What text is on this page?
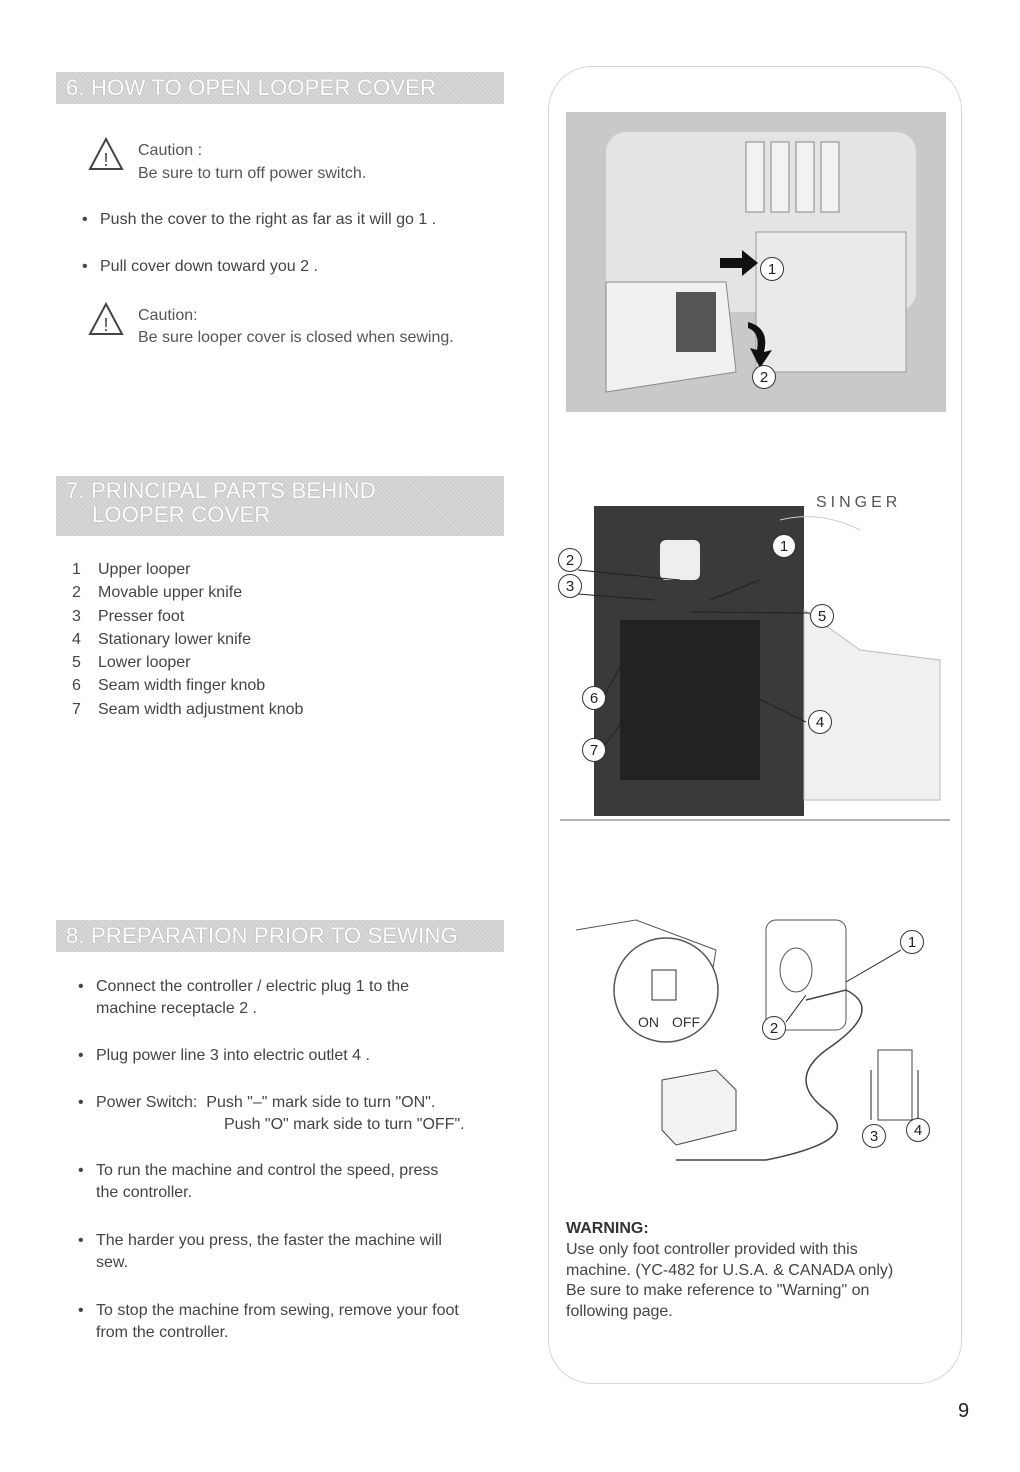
6. HOW TO OPEN LOOPER COVER
! Caution :
Be sure to turn off power switch.
• Push the cover to the right as far as it will go 1 .
• Pull cover down toward you 2 .
! Caution:
Be sure looper cover is closed when sewing.
1
2
7. PRINCIPAL PARTS BEHIND
LOOPER COVER
1 Upper looper
2 Movable upper knife
3 Presser foot
4 Stationary lower knife
5 Lower looper
6 Seam width finger knob
7 Seam width adjustment knob
SINGER
1
2
3
4
5
6
7
8. PREPARATION PRIOR TO SEWING
• Connect the controller / electric plug 1 to the
machine receptacle 2 .
• Plug power line 3 into electric outlet 4 .
• Power Switch: Push "–" mark side to turn "ON".
Push "O" mark side to turn "OFF".
• To run the machine and control the speed, press
the controller.
• The harder you press, the faster the machine will
sew.
• To stop the machine from sewing, remove your foot
from the controller.
ON OFF
1
2
3	4
WARNING:
Use only foot controller provided with this
machine. (YC-482 for U.S.A. & CANADA only)
Be sure to make reference to "Warning" on
following page.
9
